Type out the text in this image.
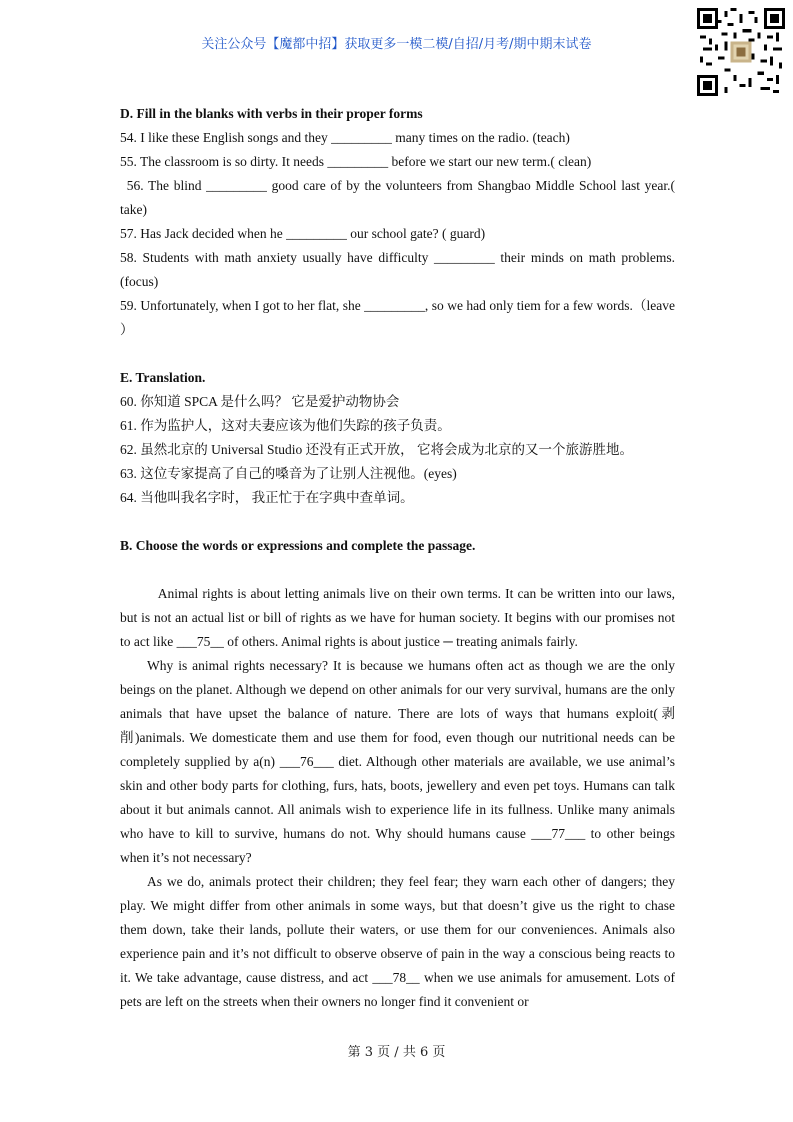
关注公众号【魔都中招】获取更多一模二模/自招/月考/期中期末试卷
D. Fill in the blanks with verbs in their proper forms
54. I like these English songs and they _________ many times on the radio. (teach)
55. The classroom is so dirty. It needs _________ before we start our new term.( clean)
56. The blind _________ good care of by the volunteers from Shangbao Middle School last year.( take)
57. Has Jack decided when he _________ our school gate? ( guard)
58. Students with math anxiety usually have difficulty _________ their minds on math problems.(focus)
59. Unfortunately, when I got to her flat, she _________, so we had only tiem for a few words.（leave ）
E. Translation.
60. 你知道 SPCA 是什么吗？ 它是爱护动物协会
61. 作为监护人，这对夫妻应该为他们失踪的孩子负责。
62. 虽然北京的 Universal Studio 还没有正式开放， 它将会成为北京的又一个旅游胜地。
63. 这位专家提高了自己的嗓音为了让别人注视他。(eyes)
64. 当他叫我名字时， 我正忙于在字典中查单词。
B. Choose the words or expressions and complete the passage.
Animal rights is about letting animals live on their own terms. It can be written into our laws, but is not an actual list or bill of rights as we have for human society. It begins with our promises not to act like ___75__ of others. Animal rights is about justice ─ treating animals fairly.
Why is animal rights necessary? It is because we humans often act as though we are the only beings on the planet. Although we depend on other animals for our very survival, humans are the only animals that have upset the balance of nature. There are lots of ways that humans exploit(剥削)animals. We domesticate them and use them for food, even though our nutritional needs can be completely supplied by a(n) ___76___ diet. Although other materials are available, we use animal’s skin and other body parts for clothing, furs, hats, boots, jewellery and even pet toys. Humans can talk about it but animals cannot. All animals wish to experience life in its fullness. Unlike many animals who have to kill to survive, humans do not. Why should humans cause ___77___ to other beings when it’s not necessary?
As we do, animals protect their children; they feel fear; they warn each other of dangers; they play. We might differ from other animals in some ways, but that doesn’t give us the right to chase them down, take their lands, pollute their waters, or use them for our conveniences. Animals also experience pain and it’s not difficult to observe observe of pain in the way a conscious being reacts to it. We take advantage, cause distress, and act ___78__ when we use animals for amusement. Lots of pets are left on the streets when their owners no longer find it convenient or
第 3 页 / 共 6 页
